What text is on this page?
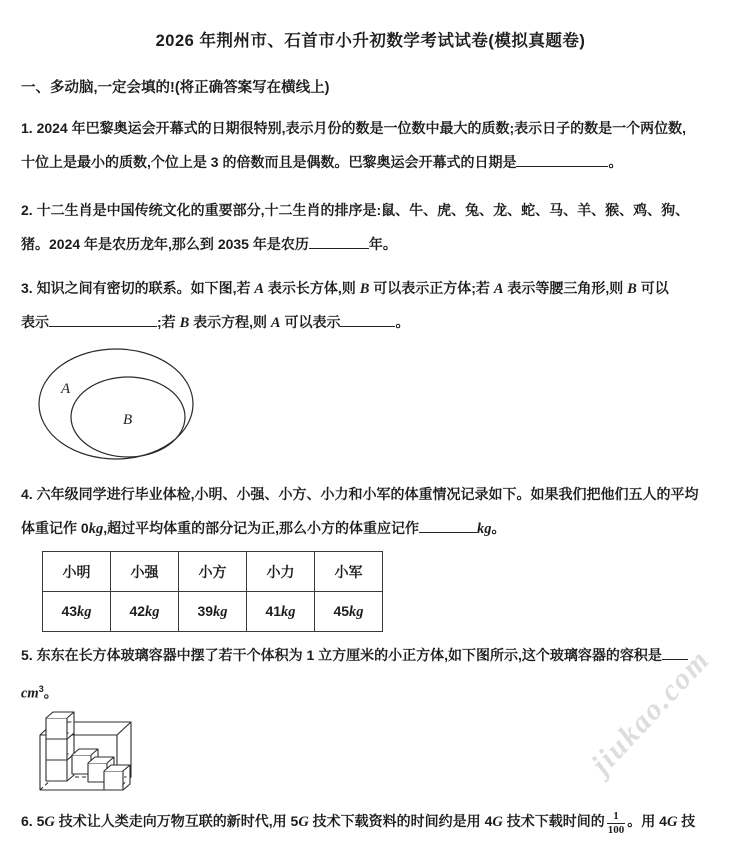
jiukao.com
2026 年荆州市、石首市小升初数学考试试卷(模拟真题卷)
一、多动脑,一定会填的!(将正确答案写在横线上)
1. 2024 年巴黎奥运会开幕式的日期很特别,表示月份的数是一位数中最大的质数;表示日子的数是一个两位数,
十位上是最小的质数,个位上是 3 的倍数而且是偶数。巴黎奥运会开幕式的日期是	。
2. 十二生肖是中国传统文化的重要部分,十二生肖的排序是:鼠、牛、虎、兔、龙、蛇、马、羊、猴、鸡、狗、
猪。2024 年是农历龙年,那么到 2035 年是农历	年。
3. 知识之间有密切的联系。如下图,若 A 表示长方体,则 B 可以表示正方体;若 A 表示等腰三角形,则 B 可以
表示	;若 B 表示方程,则 A 可以表示	。
A
B
4. 六年级同学进行毕业体检,小明、小强、小方、小力和小军的体重情况记录如下。如果我们把他们五人的平均
体重记作 0kg,超过平均体重的部分记为正,那么小方的体重应记作	kg。
小明	小强	小方	小力	小军
43kg	42kg	39kg	41kg	45kg
5. 东东在长方体玻璃容器中摆了若干个体积为 1 立方厘米的小正方体,如下图所示,这个玻璃容器的容积是
$cm^3$。
6. 5G 技术让人类走向万物互联的新时代,用 5G 技术下载资料的时间约是用 4G 技术下载时间的 $\frac{1}{100}$ 。用 4G 技
